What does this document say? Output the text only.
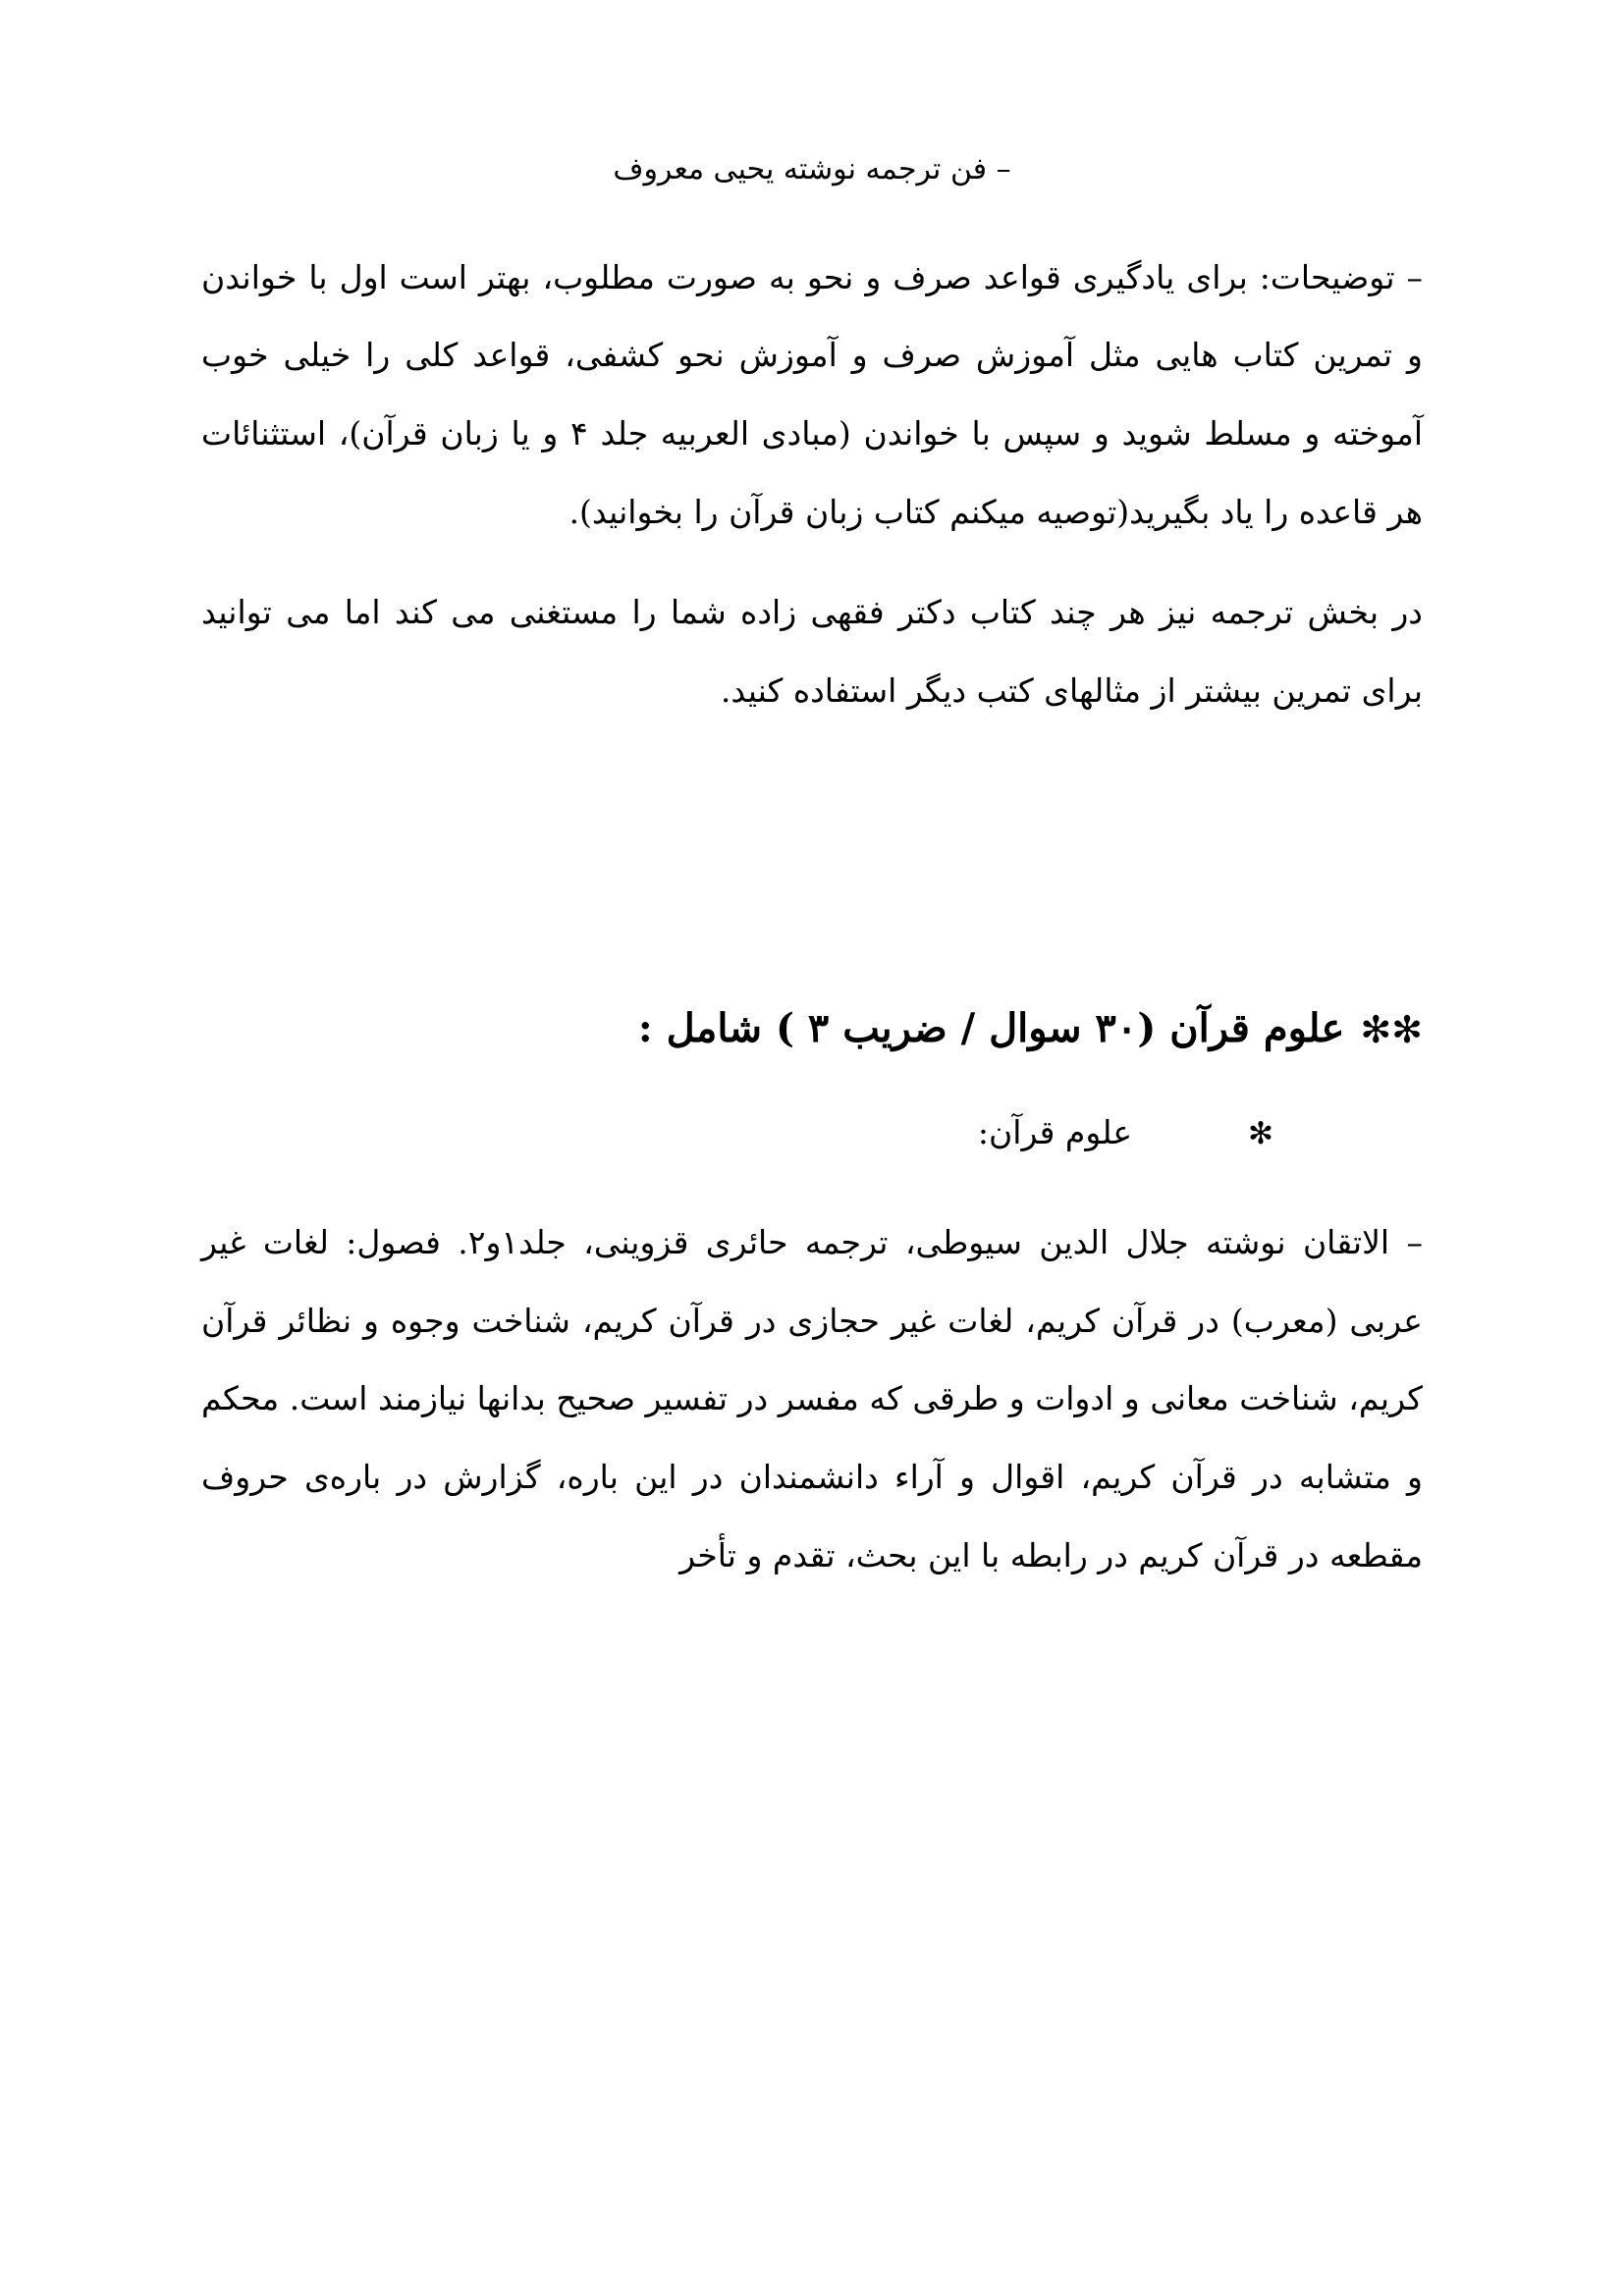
– فن ترجمه نوشته یحیی معروف

– توضیحات: برای یادگیری قواعد صرف و نحو به صورت مطلوب، بهتر است اول با خواندن و تمرین کتاب هایی مثل آموزش صرف و آموزش نحو کشفی، قواعد کلی را خیلی خوب آموخته و مسلط شوید و سپس با خواندن (مبادی العربیه جلد ۴ و یا زبان قرآن)، استثنائات هر قاعده را یاد بگیرید(توصیه میکنم کتاب زبان قرآن را بخوانید).

در بخش ترجمه نیز هر چند کتاب دکتر فقهی زاده شما را مستغنی می کند اما می توانید برای تمرین بیشتر از مثالهای کتب دیگر استفاده کنید.

✻✻ علوم قرآن (۳۰ سوال / ضریب ۳ ) شامل :
✻
علوم قرآن:

– الاتقان نوشته جلال الدین سیوطی، ترجمه حائری قزوینی، جلد۱و۲. فصول: لغات غیر عربی (معرب) در قرآن کریم، لغات غیر حجازی در قرآن کریم، شناخت وجوه و نظائر قرآن کریم، شناخت معانی و ادوات و طرقی که مفسر در تفسیر صحیح بدانها نیازمند است. محکم و متشابه در قرآن کریم، اقوال و آراء دانشمندان در این باره، گزارش در باره‌ی حروف مقطعه در قرآن کریم در رابطه با این بحث، تقدم و تأخر
